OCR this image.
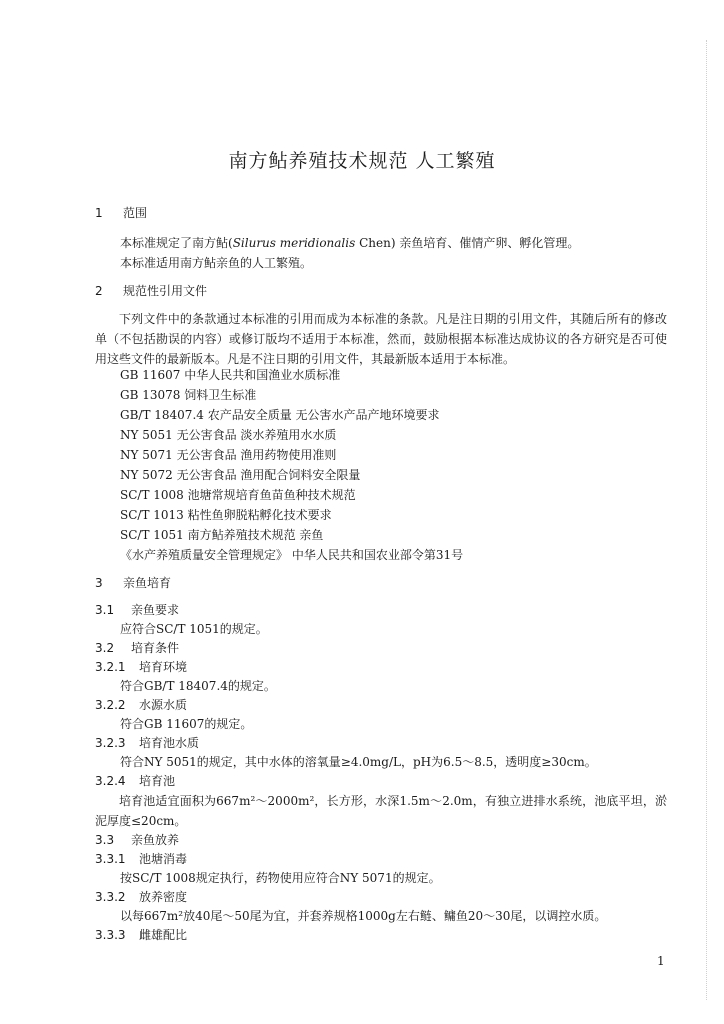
南方鲇养殖技术规范 人工繁殖
1 范围
本标准规定了南方鲇(Silurus meridionalis Chen) 亲鱼培育、催情产卵、孵化管理。
本标准适用南方鲇亲鱼的人工繁殖。
2 规范性引用文件
下列文件中的条款通过本标准的引用而成为本标准的条款。凡是注日期的引用文件，其随后所有的修改单（不包括勘误的内容）或修订版均不适用于本标准，然而，鼓励根据本标准达成协议的各方研究是否可使用这些文件的最新版本。凡是不注日期的引用文件，其最新版本适用于本标准。
GB 11607 中华人民共和国渔业水质标准
GB 13078 饲料卫生标准
GB/T 18407.4 农产品安全质量 无公害水产品产地环境要求
NY 5051 无公害食品 淡水养殖用水水质
NY 5071 无公害食品 渔用药物使用准则
NY 5072 无公害食品 渔用配合饲料安全限量
SC/T 1008 池塘常规培育鱼苗鱼种技术规范
SC/T 1013 粘性鱼卵脱粘孵化技术要求
SC/T 1051 南方鲇养殖技术规范 亲鱼
《水产养殖质量安全管理规定》 中华人民共和国农业部令第31号
3 亲鱼培育
3.1 亲鱼要求
应符合SC/T 1051的规定。
3.2 培育条件
3.2.1 培育环境
符合GB/T 18407.4的规定。
3.2.2 水源水质
符合GB 11607的规定。
3.2.3 培育池水质
符合NY 5051的规定，其中水体的溶氧量≥4.0mg/L，pH为6.5～8.5，透明度≥30cm。
3.2.4 培育池
培育池适宜面积为667m²～2000m²，长方形，水深1.5m～2.0m，有独立进排水系统，池底平坦，淤泥厚度≤20cm。
3.3 亲鱼放养
3.3.1 池塘消毒
按SC/T 1008规定执行，药物使用应符合NY 5071的规定。
3.3.2 放养密度
以每667m²放40尾～50尾为宜，并套养规格1000g左右鲢、鳙鱼20～30尾，以调控水质。
3.3.3 雌雄配比
1
